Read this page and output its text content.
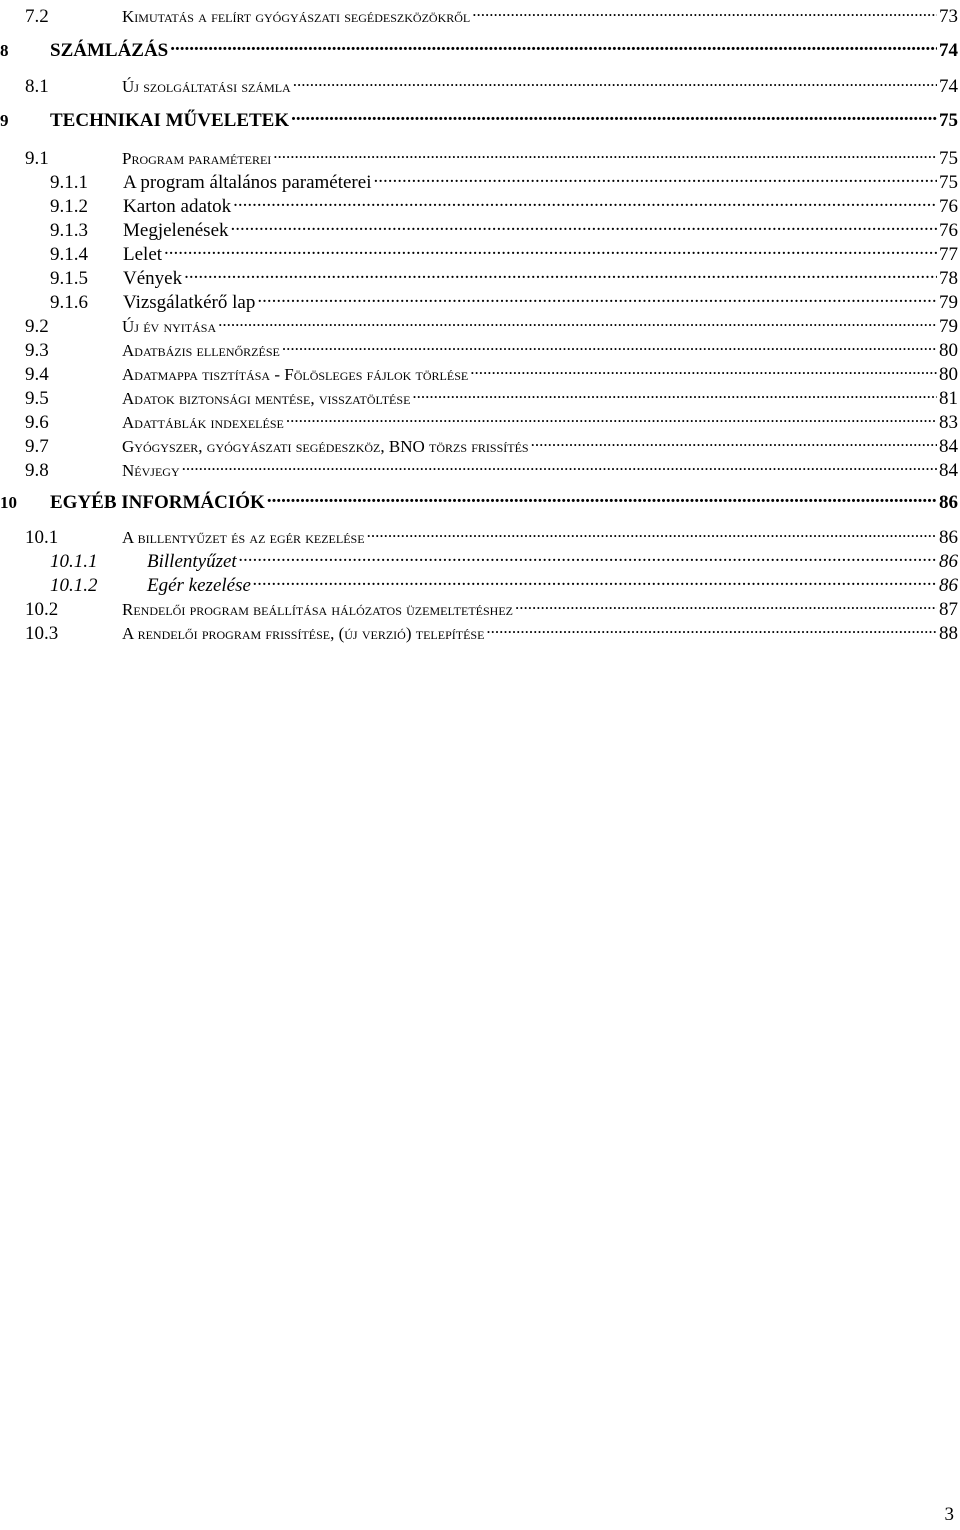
7.2	Kimutatás a felírt gyógyászati segédeszközökről .....	73
8	SZÁMLÁZÁS .....	74
8.1	Új szolgáltatási számla .....	74
9	TECHNIKAI MŰVELETEK .....	75
9.1	Program paraméterei .....	75
9.1.1	A program általános paraméterei .....	75
9.1.2	Karton adatok .....	76
9.1.3	Megjelenések .....	76
9.1.4	Lelet .....	77
9.1.5	Vények .....	78
9.1.6	Vizsgálatkérő lap .....	79
9.2	Új év nyitása .....	79
9.3	Adatbázis ellenőrzése .....	80
9.4	Adatmappa tisztítása - Fölösleges fájlok törlése .....	80
9.5	Adatok biztonsági mentése, visszatöltése .....	81
9.6	Adattáblák indexelése .....	83
9.7	Gyógyszer, gyógyászati segédeszköz, BNO törzs frissítés .....	84
9.8	Névjegy .....	84
10	EGYÉB INFORMÁCIÓK .....	86
10.1	A billentyűzet és az egér kezelése .....	86
10.1.1	Billentyűzet .....	86
10.1.2	Egér kezelése .....	86
10.2	Rendelői program beállítása hálózatos üzemeltetéshez .....	87
10.3	A rendelői program frissítése, (új verzió) telepítése .....	88
3
